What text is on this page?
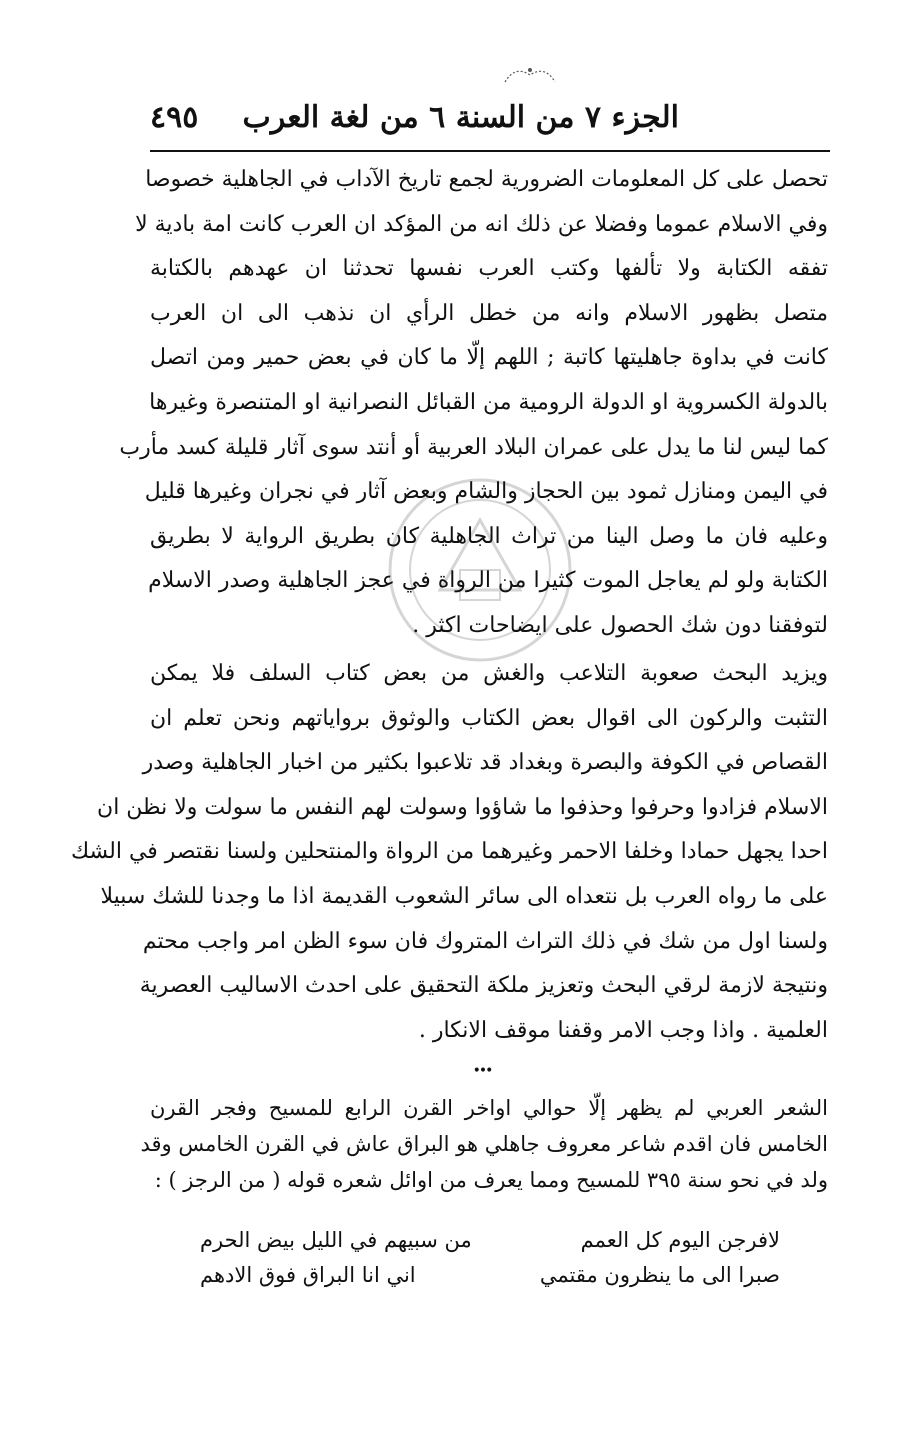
الجزء ٧ من السنة ٦ من لغة العرب
٤٩٥
تحصل على كل المعلومات الضرورية لجمع تاريخ الآداب في الجاهلية خصوصا
وفي الاسلام عموما وفضلا عن ذلك انه من المؤكد ان العرب كانت امة بادية لا
تفقه الكتابة ولا تألفها وكتب العرب نفسها تحدثنا ان عهدهم بالكتابة
متصل بظهور الاسلام وانه من خطل الرأي ان نذهب الى ان العرب
كانت في بداوة جاهليتها كاتبة ; اللهم إلّا ما كان في بعض حمير ومن اتصل
بالدولة الكسروية او الدولة الرومية من القبائل النصرانية او المتنصرة وغيرها
كما ليس لنا ما يدل على عمران البلاد العربية أو أنتد سوى آثار قليلة كسد مأرب
في اليمن ومنازل ثمود بين الحجاز والشام وبعض آثار في نجران وغيرها قليل
وعليه فان ما وصل الينا من تراث الجاهلية كان بطريق الرواية لا بطريق
الكتابة ولو لم يعاجل الموت كثيرا من الرواة في عجز الجاهلية وصدر الاسلام
لتوفقنا دون شك الحصول على ايضاحات اكثر .
ويزيد البحث صعوبة التلاعب والغش من بعض كتاب السلف فلا يمكن
التثبت والركون الى اقوال بعض الكتاب والوثوق برواياتهم ونحن تعلم ان
القصاص في الكوفة والبصرة وبغداد قد تلاعبوا بكثير من اخبار الجاهلية وصدر
الاسلام فزادوا وحرفوا وحذفوا ما شاؤوا وسولت لهم النفس ما سولت ولا نظن ان
احدا يجهل حمادا وخلفا الاحمر وغيرهما من الرواة والمنتحلين ولسنا نقتصر في الشك
على ما رواه العرب بل نتعداه الى سائر الشعوب القديمة اذا ما وجدنا للشك سبيلا
ولسنا اول من شك في ذلك التراث المتروك فان سوء الظن امر واجب محتم
ونتيجة لازمة لرقي البحث وتعزيز ملكة التحقيق على احدث الاساليب العصرية
العلمية . واذا وجب الامر وقفنا موقف الانكار .
•••
الشعر العربي لم يظهر إلّا حوالي اواخر القرن الرابع للمسيح وفجر القرن
الخامس فان اقدم شاعر معروف جاهلي هو البراق عاش في القرن الخامس وقد
ولد في نحو سنة ٣٩٥ للمسيح ومما يعرف من اوائل شعره قوله ( من الرجز ) :
لافرجن اليوم كل العمم
من سبيهم في الليل بيض الحرم
صبرا الى ما ينظرون مقتمي
اني انا البراق فوق الادهم
